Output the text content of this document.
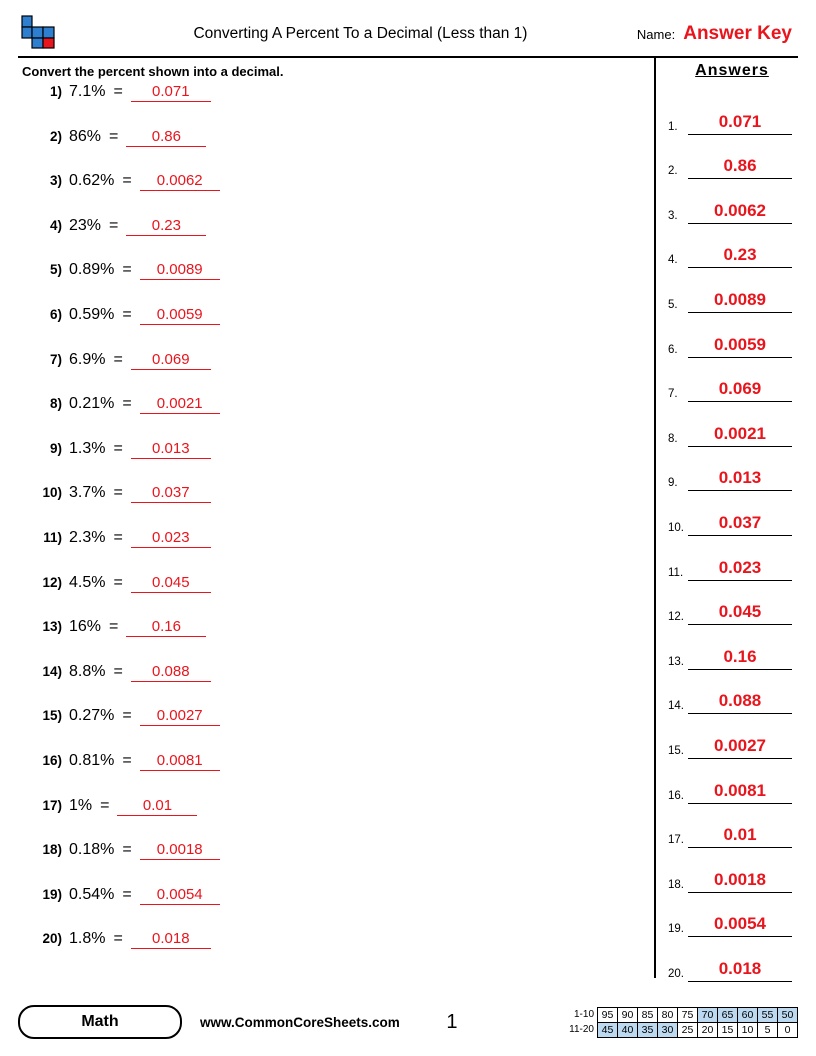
Converting A Percent To a Decimal (Less than 1)	Name: Answer Key
Convert the percent shown into a decimal.
1) 7.1% =	0.071
2) 86% =	0.86
3) 0.62% =	0.0062
4) 23% =	0.23
5) 0.89% =	0.0089
6) 0.59% =	0.0059
7) 6.9% =	0.069
8) 0.21% =	0.0021
9) 1.3% =	0.013
10) 3.7% =	0.037
11) 2.3% =	0.023
12) 4.5% =	0.045
13) 16% =	0.16
14) 8.8% =	0.088
15) 0.27% =	0.0027
16) 0.81% =	0.0081
17) 1% =	0.01
18) 0.18% =	0.0018
19) 0.54% =	0.0054
20) 1.8% =	0.018
Answers
1.	0.071
2.	0.86
3.	0.0062
4.	0.23
5.	0.0089
6.	0.0059
7.	0.069
8.	0.0021
9.	0.013
10.	0.037
11.	0.023
12.	0.045
13.	0.16
14.	0.088
15.	0.0027
16.	0.0081
17.	0.01
18.	0.0018
19.	0.0054
20.	0.018
Math	www.CommonCoreSheets.com	1	1-10	95	90	85	80	75	70	65	60	55	50
11-20	45	40	35	30	25	20	15	10	5	0
